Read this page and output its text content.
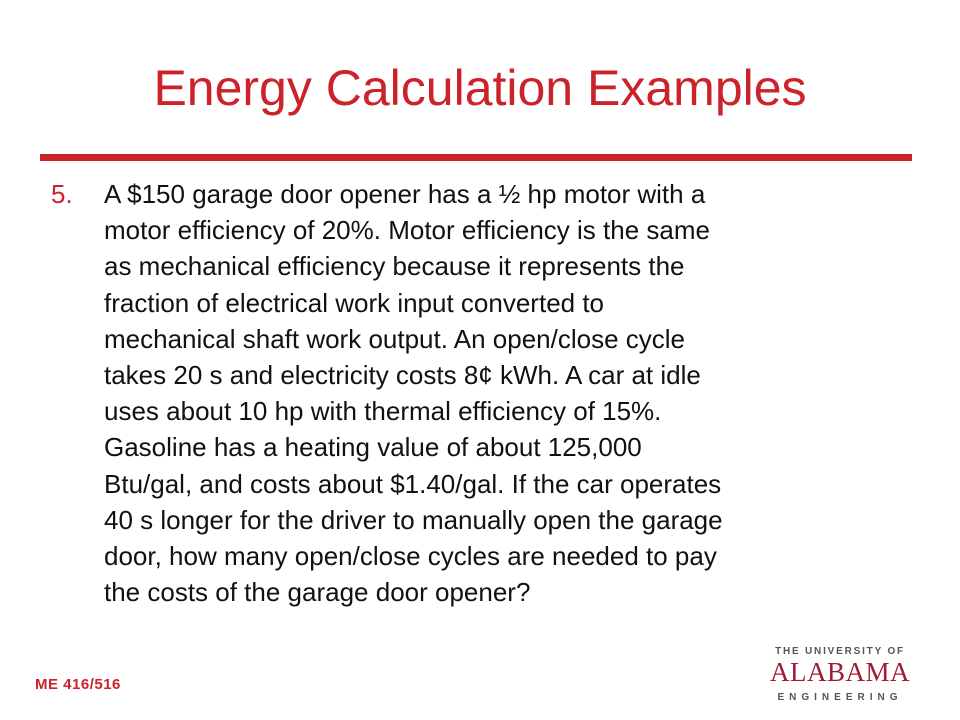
Energy Calculation Examples
5. A $150 garage door opener has a ½ hp motor with a
motor efficiency of 20%. Motor efficiency is the same
as mechanical efficiency because it represents the
fraction of electrical work input converted to
mechanical shaft work output. An open/close cycle
takes 20 s and electricity costs 8¢ kWh. A car at idle
uses about 10 hp with thermal efficiency of 15%.
Gasoline has a heating value of about 125,000
Btu/gal, and costs about $1.40/gal. If the car operates
40 s longer for the driver to manually open the garage
door, how many open/close cycles are needed to pay
the costs of the garage door opener?
ME 416/516
THE UNIVERSITY OF
ALABAMA
ENGINEERING
